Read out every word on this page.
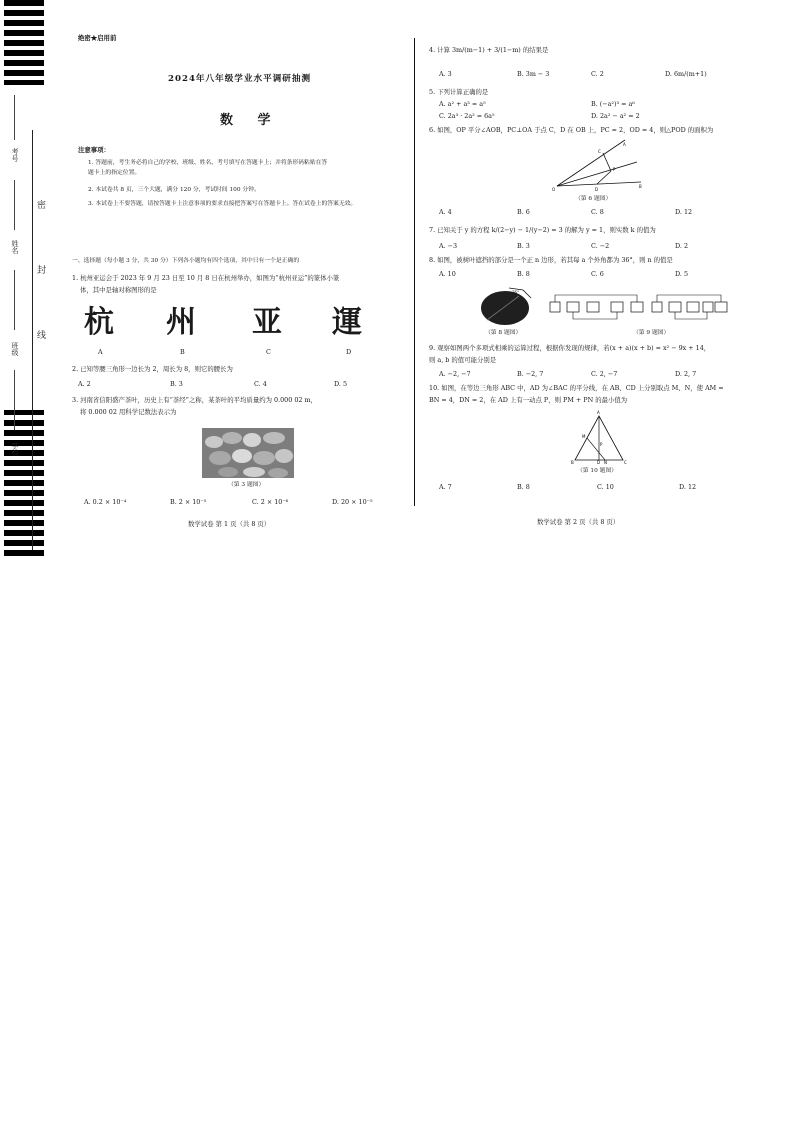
考号
姓名
班级
学校
密
封
线
绝密★启用前
2024年八年级学业水平调研抽测
数 学
注意事项：
1. 答题前，考生务必将自己的学校、班级、姓名、考号填写在答题卡上；并将条形码粘贴在答
题卡上的指定位置。
2. 本试卷共 8 页，三个大题，满分 120 分，考试时间 100 分钟。
3. 本试卷上不要答题，请按答题卡上注意事项的要求直接把答案写在答题卡上。答在试卷上的答案无效。
一、选择题（每小题 3 分，共 30 分）下列各小题均有四个选项，其中只有一个是正确的
1. 杭州亚运会于 2023 年 9 月 23 日至 10 月 8 日在杭州举办，如图为“杭州亚运”的篆体小篆
体，其中是轴对称图形的是
杭 州 亚 運
A	B	C	D
2. 已知等腰三角形一边长为 2，周长为 8，则它的腰长为
A. 2	B. 3	C. 4	D. 5
3. 河南省信阳盛产茶叶，历史上有“茶经”之称，某茶叶的平均质量约为 0.000 02 m，
将 0.000 02 用科学记数法表示为
（第 3 题图）
A. 0.2 × 10⁻⁴	B. 2 × 10⁻⁵	C. 2 × 10⁻⁶	D. 20 × 10⁻⁵
数学试卷 第 1 页（共 8 页）
4. 计算 3m/(m−1) + 3/(1−m) 的结果是
A. 3	B. 3m − 3	C. 2	D. 6m/(m+1)
5. 下列计算正确的是
A. a² + a³ = a⁵	B. (−a²)³ = a⁶
C. 2a³ · 2a² = 6a⁵	D. 2a² − a² = 2
6. 如图，OP 平分∠AOB，PC⊥OA 于点 C，D 在 OB 上，PC = 2，OD = 4，则△POD 的面积为
A
C
P
D
B
O
（第 6 题图）
A. 4	B. 6	C. 8	D. 12
7. 已知关于 y 的方程 k/(2−y) − 1/(y−2) = 3 的解为 y = 1，则实数 k 的值为
A. −3	B. 3	C. −2	D. 2
8. 如图，被树叶遮挡的部分是一个正 n 边形，若其每 a 个外角都为 36°，则 n 的值是
A. 10	B. 8	C. 6	D. 5
36°
（第 8 题图）	（第 9 题图）
9. 观察如图两个多项式相乘的运算过程，根据你发现的规律，若(x + a)(x + b) = x² − 9x + 14，
则 a, b 的值可能分别是
A. −2, −7	B. −2, 7	C. 2, −7	D. 2, 7
10. 如图，在等边三角形 ABC 中，AD 为∠BAC 的平分线，在 AB、CD 上分别取点 M、N，使 AM =
BN = 4，DN = 2，在 AD 上有一动点 P，则 PM + PN 的最小值为
A
M
P
B	D N	C
（第 10 题图）
A. 7	B. 8	C. 10	D. 12
数学试卷 第 2 页（共 8 页）
